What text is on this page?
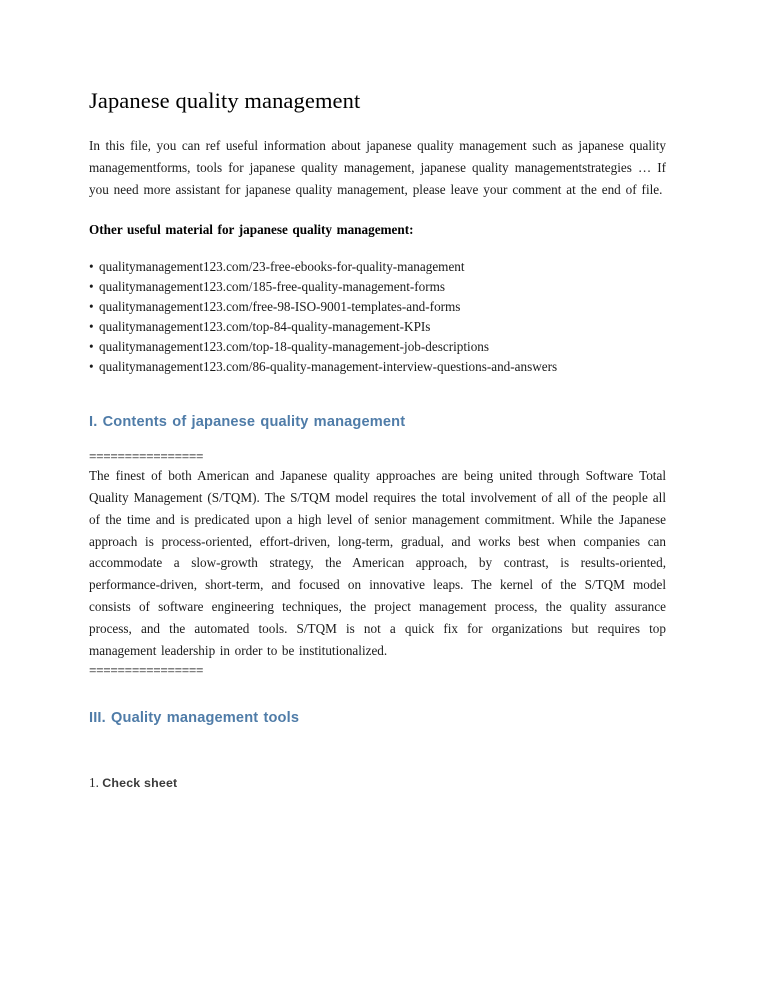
Japanese quality management

In this file, you can ref useful information about japanese quality management such as japanese quality managementforms, tools for japanese quality management, japanese quality managementstrategies … If you need more assistant for japanese quality management, please leave your comment at the end of file.

Other useful material for japanese quality management:

• qualitymanagement123.com/23-free-ebooks-for-quality-management
• qualitymanagement123.com/185-free-quality-management-forms
• qualitymanagement123.com/free-98-ISO-9001-templates-and-forms
• qualitymanagement123.com/top-84-quality-management-KPIs
• qualitymanagement123.com/top-18-quality-management-job-descriptions
• qualitymanagement123.com/86-quality-management-interview-questions-and-answers
I. Contents of japanese quality management

================

The finest of both American and Japanese quality approaches are being united through Software Total Quality Management (S/TQM). The S/TQM model requires the total involvement of all of the people all of the time and is predicated upon a high level of senior management commitment. While the Japanese approach is process-oriented, effort-driven, long-term, gradual, and works best when companies can accommodate a slow-growth strategy, the American approach, by contrast, is results-oriented, performance-driven, short-term, and focused on innovative leaps. The kernel of the S/TQM model consists of software engineering techniques, the project management process, the quality assurance process, and the automated tools. S/TQM is not a quick fix for organizations but requires top management leadership in order to be institutionalized.

================

III. Quality management tools
1. Check sheet
